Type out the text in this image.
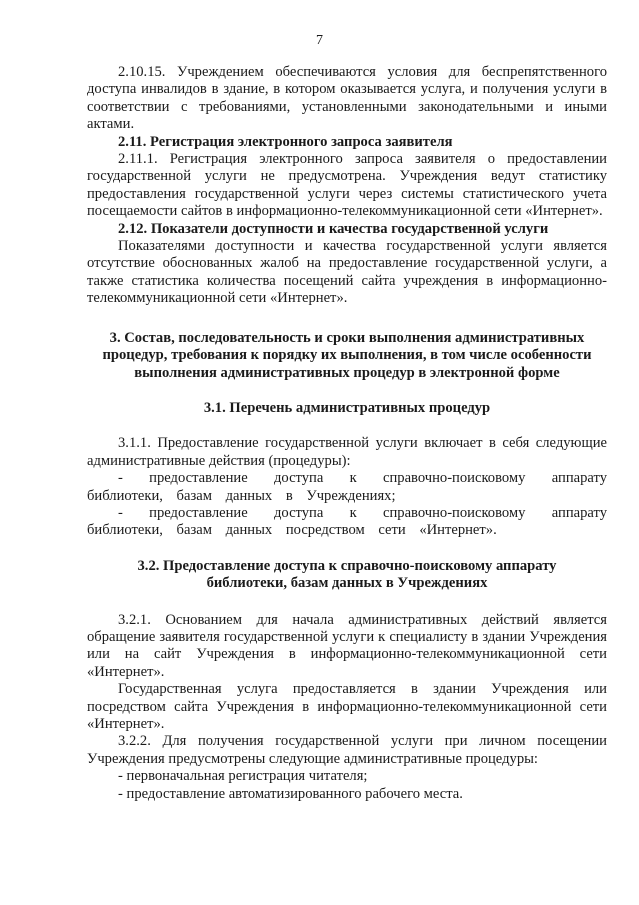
7

2.10.15. Учреждением обеспечиваются условия для беспрепятственного доступа инвалидов в здание, в котором оказывается услуга, и получения услуги в соответствии с требованиями, установленными законодательными и иными актами.

2.11. Регистрация электронного запроса заявителя

2.11.1. Регистрация электронного запроса заявителя о предоставлении государственной услуги не предусмотрена. Учреждения ведут статистику предоставления государственной услуги через системы статистического учета посещаемости сайтов в информационно-телекоммуникационной сети «Интернет».

2.12. Показатели доступности и качества государственной услуги

Показателями доступности и качества государственной услуги является отсутствие обоснованных жалоб на предоставление государственной услуги, а также статистика количества посещений сайта учреждения в информационно-телекоммуникационной сети «Интернет».

3. Состав, последовательность и сроки выполнения административных
процедур, требования к порядку их выполнения, в том числе особенности
выполнения административных процедур в электронной форме

3.1. Перечень административных процедур

3.1.1. Предоставление государственной услуги включает в себя следующие административные действия (процедуры):

- предоставление доступа к справочно-поисковому аппарату библиотеки, базам данных в Учреждениях;

- предоставление доступа к справочно-поисковому аппарату библиотеки, базам данных посредством сети «Интернет».

3.2. Предоставление доступа к справочно-поисковому аппарату
библиотеки, базам данных в Учреждениях

3.2.1. Основанием для начала административных действий является обращение заявителя государственной услуги к специалисту в здании Учреждения или на сайт Учреждения в информационно-телекоммуникационной сети «Интернет».

Государственная услуга предоставляется в здании Учреждения или посредством сайта Учреждения в информационно-телекоммуникационной сети «Интернет».

3.2.2. Для получения государственной услуги при личном посещении Учреждения предусмотрены следующие административные процедуры:

- первоначальная регистрация читателя;

- предоставление автоматизированного рабочего места.
